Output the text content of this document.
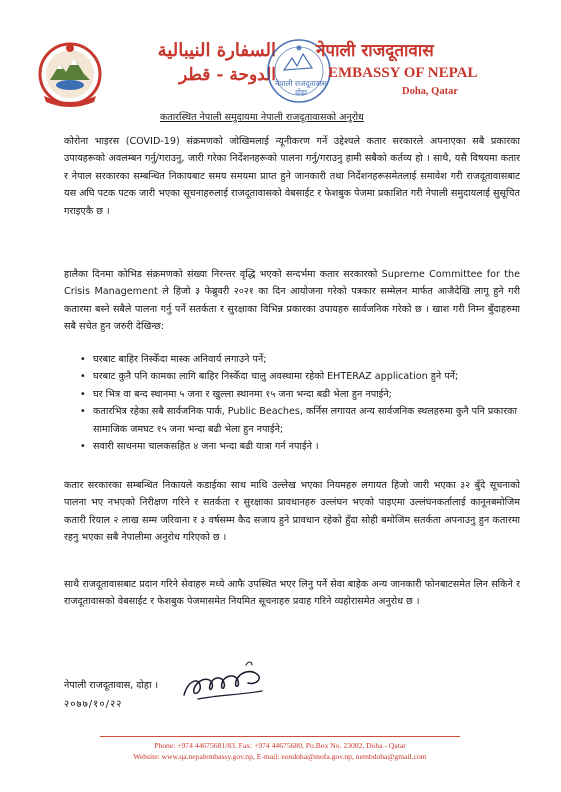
السفارة النيبالية
الدوحة - قطر नेपाली राजदूतावास दोहा
नेपाली राजदूतावास
EMBASSY OF NEPAL
Doha, Qatar
कतारस्थित नेपाली समुदायमा नेपाली राजदूतावासको अनुरोध

कोरोना भाइरस (COVID-19) संक्रमणको जोखिमलाई न्यूनीकरण गर्ने उद्देश्यले कतार सरकारले अपनाएका सबै प्रकारका उपायहरूको अवलम्बन गर्नु/गराउनु, जारी गरेका निर्देशनहरूको पालना गर्नु/गराउनु हामी सबैको कर्तव्य हो । साथै, यसै विषयमा कतार र नेपाल सरकारका सम्बन्धित निकायबाट समय समयमा प्राप्त हुने जानकारी तथा निर्देशनहरूसमेतलाई समावेश गरी राजदूतावासबाट यस अघि पटक पटक जारी भएका सूचनाहरुलाई राजदूतावासको वेबसाईट र फेशबुक पेजमा प्रकाशित गरी नेपाली समुदायलाई सुसूचित गराइएकै छ ।

हालैका दिनमा कोभिड संक्रमणको संख्या निरन्तर वृद्धि भएको सन्दर्भमा कतार सरकारको Supreme Committee for the Crisis Management ले हिजो ३ फेब्रुवरी २०२१ का दिन आयोजना गरेको पत्रकार सम्मेलन मार्फत आजैदेखि लागू हुने गरी कतारमा बस्ने सबैले पालना गर्नु पर्ने सतर्कता र सुरक्षाका विभिन्न प्रकारका उपायहरु सार्वजनिक गरेको छ । खाश गरी निम्न बुँदाहरुमा सबै सचेत हुन जरुरी देखिन्छ:

• घरबाट बाहिर निस्केँदा मास्क अनिवार्य लगाउने पर्ने;
• घरबाट कुनै पनि कामका लागि बाहिर निस्केँदा चालु अवस्थामा रहेको EHTERAZ application हुने पर्ने;
• घर भित्र वा बन्द स्थानमा ५ जना र खुल्ला स्थानमा १५ जना भन्दा बढी भेला हुन नपाईने;
• कतारभित्र रहेका सबै सार्वजनिक पार्क, Public Beaches, कर्निस लगायत अन्य सार्वजनिक स्थलहरुमा कुनै पनि प्रकारका सामाजिक जमघट १५ जना भन्दा बढी भेला हुन नपाईने;
• सवारी साधनमा चालकसहित ४ जना भन्दा बढी यात्रा गर्न नपाईने ।

कतार सरकारका सम्बन्धित निकायले कडाईका साथ माथि उल्लेख भएका नियमहरु लगायत हिजो जारी भएका ३२ बुँदे सूचनाको पालना भए नभएको निरीक्षण गरिने र सतर्कता र सुरक्षाका प्रावधानहरु उल्लंघन भएको पाइएमा उल्लंघनकर्तालाई कानूनबमोजिम कतारी रियाल २ लाख सम्म जरिवाना र ३ वर्षसम्म कैद सजाय हुने प्रावधान रहेको हुँदा सोही बमोजिम सतर्कता अपनाउनु हुन कतारमा रहनु भएका सबै नेपालीमा अनुरोध गरिएको छ ।

साथै राजदूतावासबाट प्रदान गरिने सेवाहरु मध्ये आफै उपस्थित भएर लिनु पर्ने सेवा बाहेक अन्य जानकारी फोनबाटसमेत लिन सकिने र राजदूतावासको वेबसाईट र फेशबुक पेजमासमेत नियमित सूचनाहरु प्रवाह गरिने व्यहोरासमेत अनुरोध छ ।

नेपाली राजदूतावास, दोहा ।
२०७७/१०/२२
Phone: +974 44675681/83. Fax: +974 44675680, Po.Box No. 23002, Doha - Qatar
Website: www.qa.nepalembassy.gov.np, E-mail: eondoha@mofa.gov.np, nembdoha@gmail.com
